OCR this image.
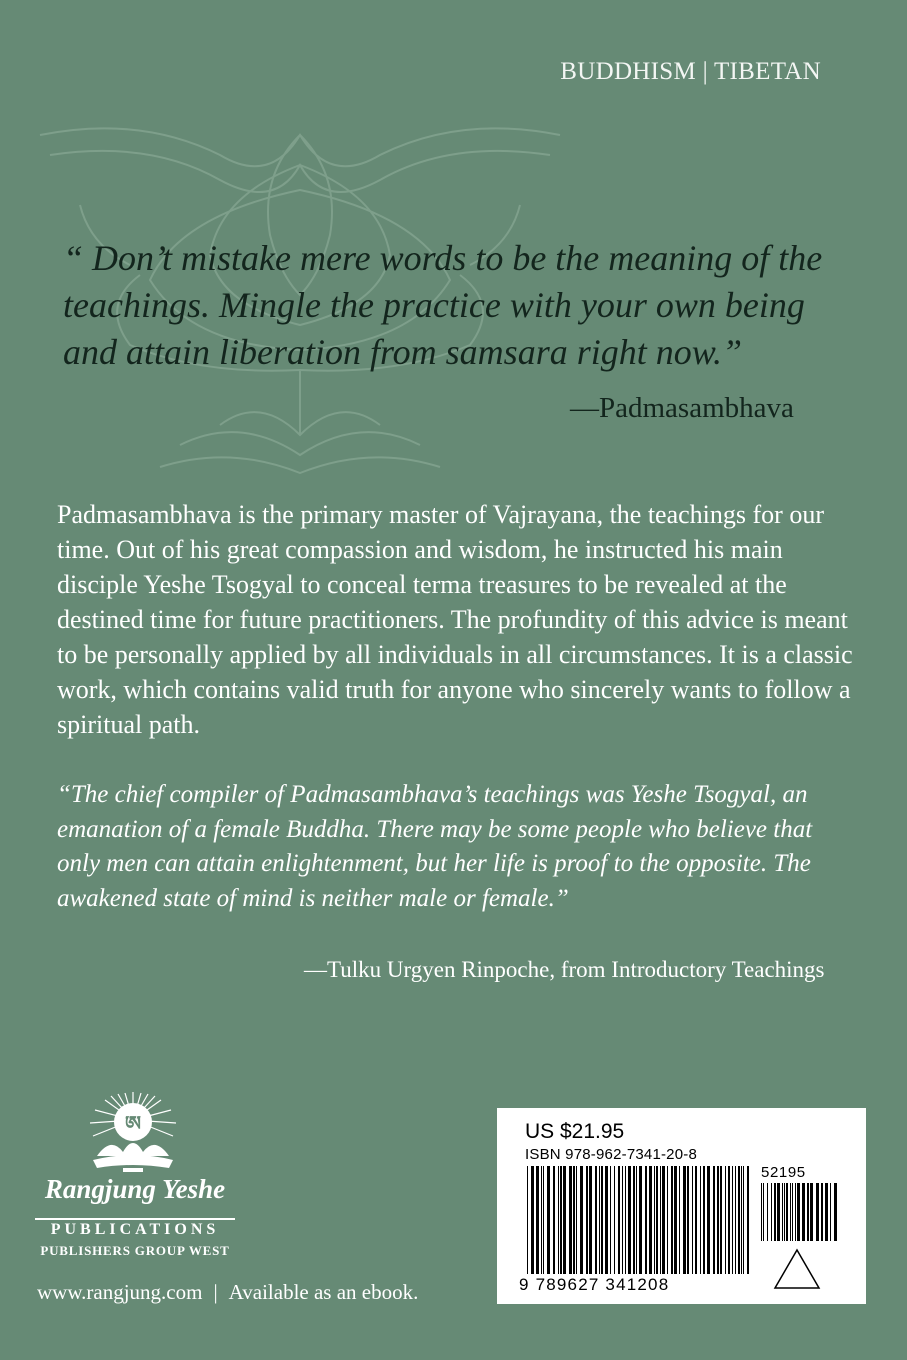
BUDDHISM | TIBETAN

“ Don’t mistake mere words to be the meaning of the teachings. Mingle the practice with your own being and attain liberation from samsara right now.”

—Padmasambhava

Padmasambhava is the primary master of Vajrayana, the teachings for our time. Out of his great compassion and wisdom, he instructed his main disciple Yeshe Tsogyal to conceal terma treasures to be revealed at the destined time for future practitioners. The profundity of this advice is meant to be personally applied by all individuals in all circumstances. It is a classic work, which contains valid truth for anyone who sincerely wants to follow a spiritual path.

“The chief compiler of Padmasambhava’s teachings was Yeshe Tsogyal, an emanation of a female Buddha. There may be some people who believe that only men can attain enlightenment, but her life is proof to the opposite. The awakened state of mind is neither male or female.”

—Tulku Urgyen Rinpoche, from Introductory Teachings
ཨ
Rangjung Yeshe
PUBLICATIONS
PUBLISHERS GROUP WEST
www.rangjung.com | Available as an ebook.
US $21.95
ISBN 978-962-7341-20-8
52195
9 789627 341208
